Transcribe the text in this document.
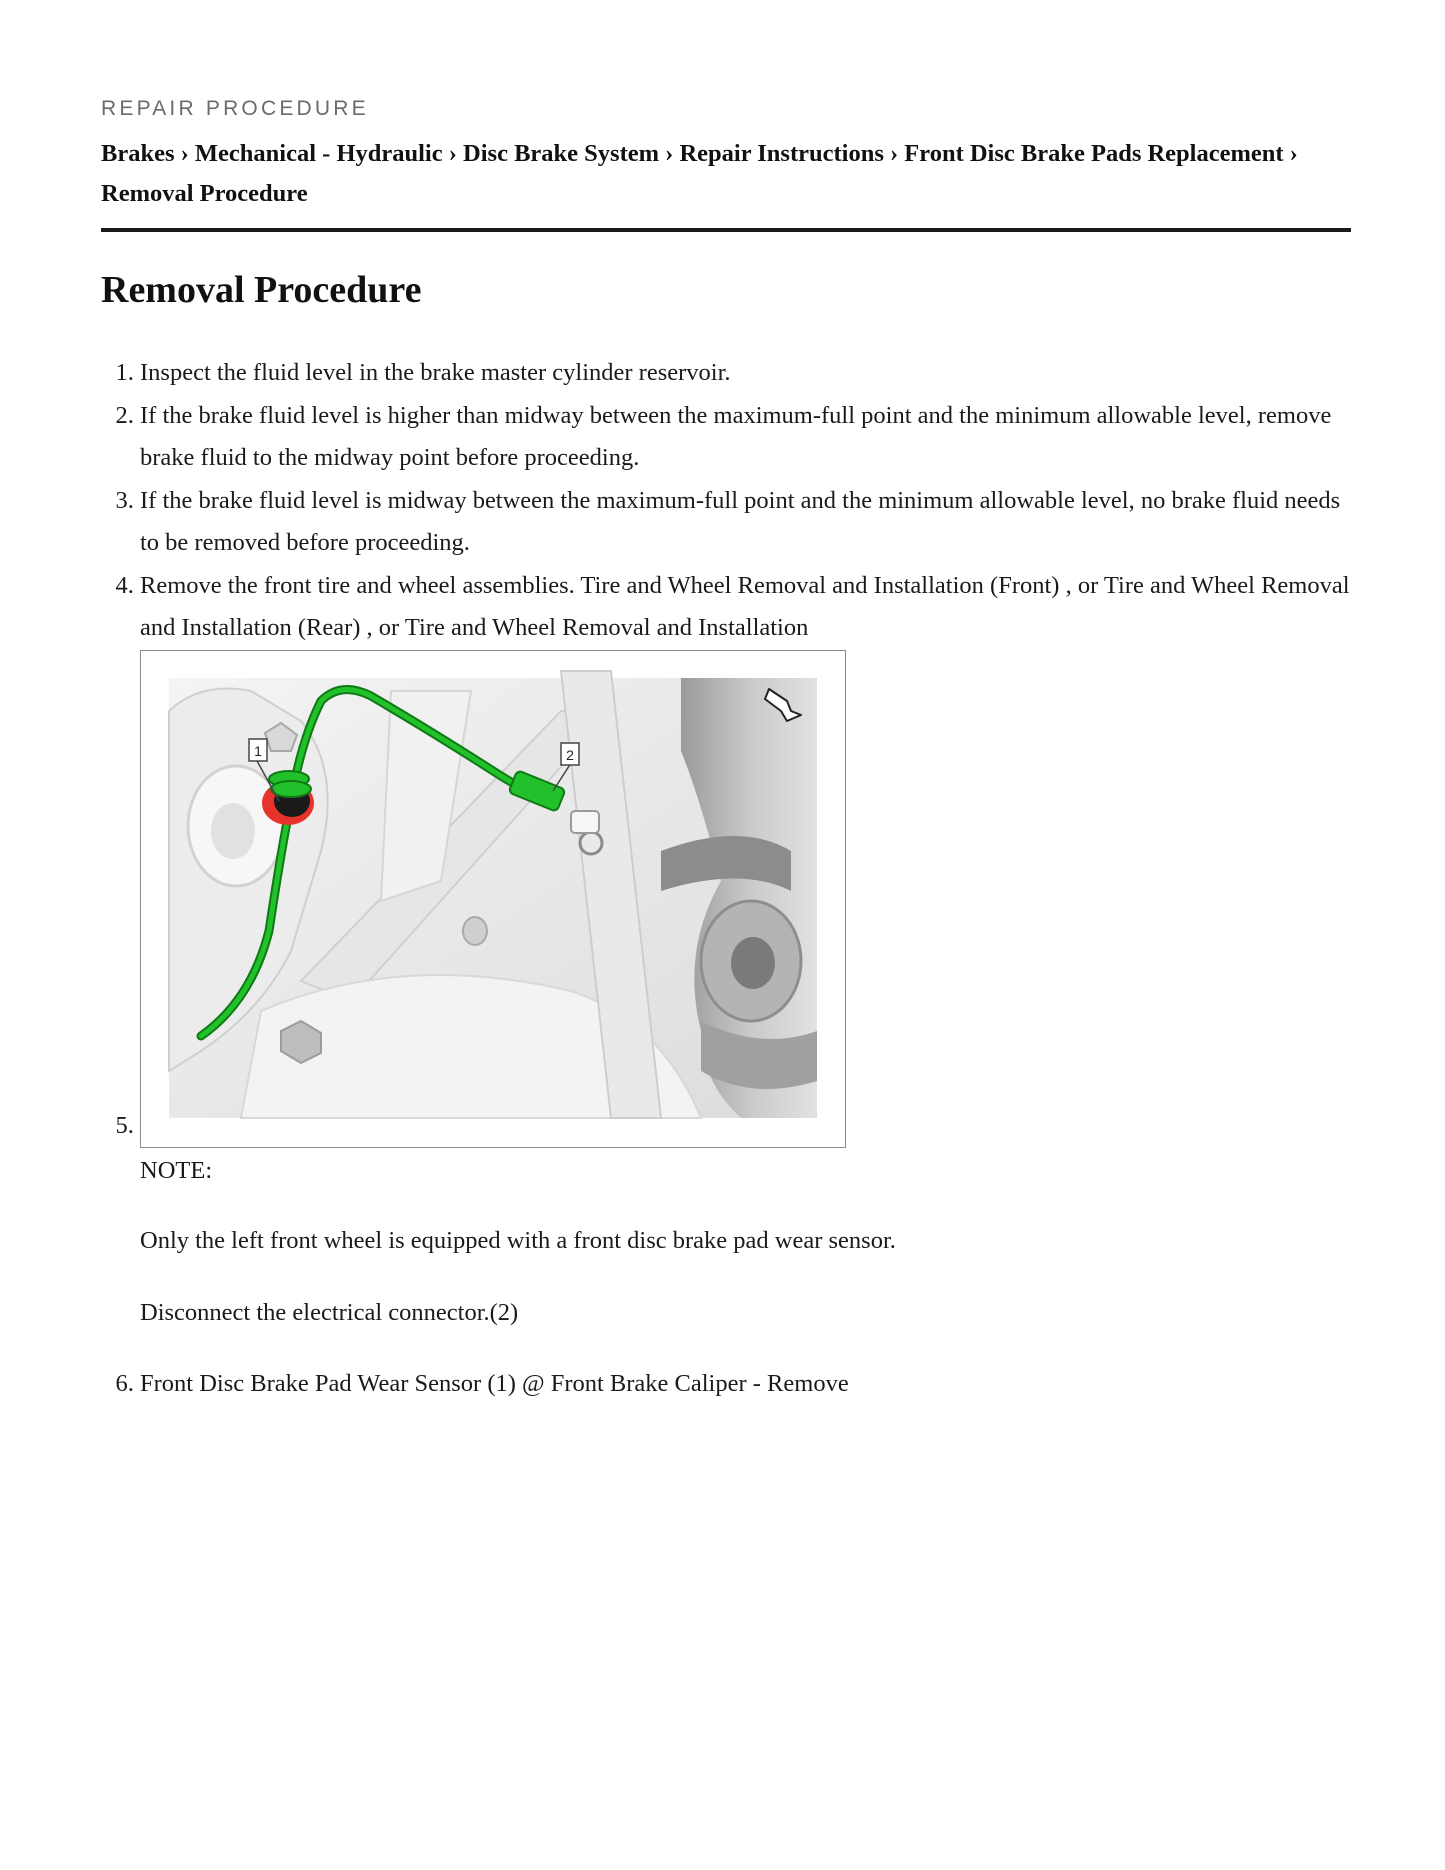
REPAIR PROCEDURE

Brakes › Mechanical - Hydraulic › Disc Brake System › Repair Instructions › Front Disc Brake Pads Replacement › Removal Procedure
Removal Procedure
1. Inspect the fluid level in the brake master cylinder reservoir.
2. If the brake fluid level is higher than midway between the maximum-full point and the minimum allowable level, remove brake fluid to the midway point before proceeding.
3. If the brake fluid level is midway between the maximum-full point and the minimum allowable level, no brake fluid needs to be removed before proceeding.
4. Remove the front tire and wheel assemblies. Tire and Wheel Removal and Installation (Front) , or Tire and Wheel Removal and Installation (Rear) , or Tire and Wheel Removal and Installation
5. 1	2

NOTE:

Only the left front wheel is equipped with a front disc brake pad wear sensor.

Disconnect the electrical connector.(2)

6. Front Disc Brake Pad Wear Sensor (1) @ Front Brake Caliper - Remove
